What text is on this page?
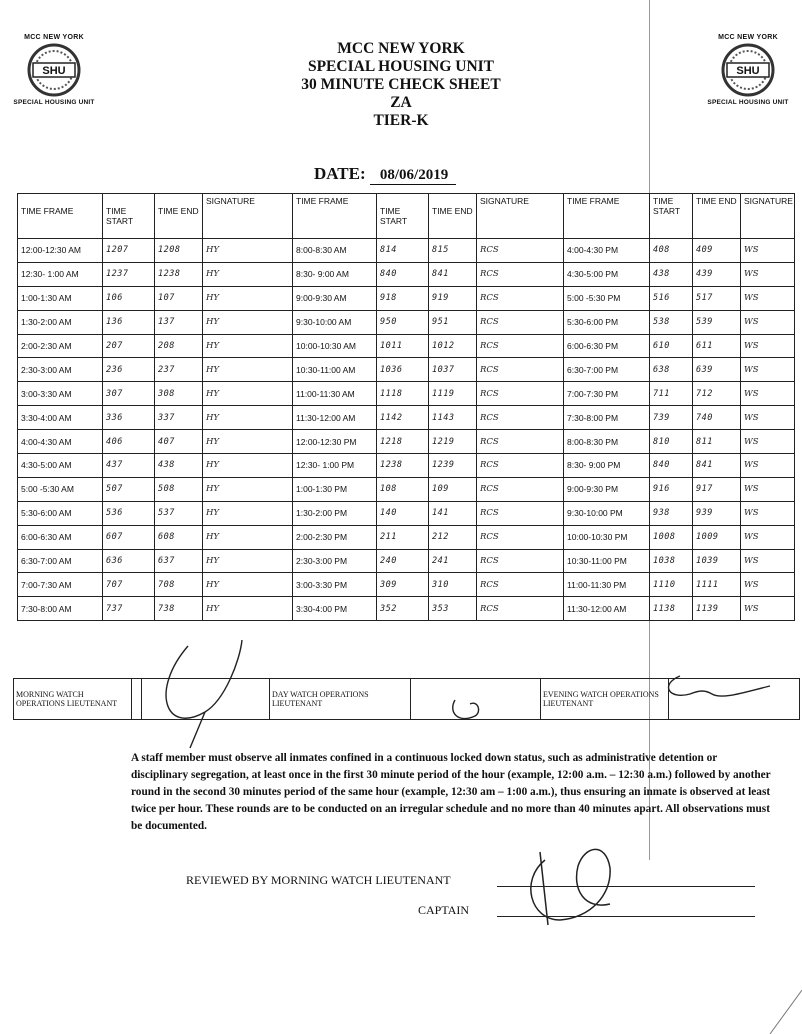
MCC NEW YORK
SHU
SPECIAL HOUSING UNIT
MCC NEW YORK
SHU
SPECIAL HOUSING UNIT
MCC NEW YORK
SPECIAL HOUSING UNIT
30 MINUTE CHECK SHEET
ZA
TIER-K
DATE: 08/06/2019
TIME FRAME	TIME START	TIME END	SIGNATURE	TIME FRAME	TIME START	TIME END	SIGNATURE	TIME FRAME	TIME START	TIME END	SIGNATURE
12:00-12:30 AM	1207	1208	HY	8:00-8:30 AM	814	815	RCS	4:00-4:30 PM	408	409	WS
12:30- 1:00 AM	1237	1238	HY	8:30- 9:00 AM	840	841	RCS	4:30-5:00 PM	438	439	WS
1:00-1:30 AM	106	107	HY	9:00-9:30 AM	918	919	RCS	5:00 -5:30 PM	516	517	WS
1:30-2:00 AM	136	137	HY	9:30-10:00 AM	950	951	RCS	5:30-6:00 PM	538	539	WS
2:00-2:30 AM	207	208	HY	10:00-10:30 AM	1011	1012	RCS	6:00-6:30 PM	610	611	WS
2:30-3:00 AM	236	237	HY	10:30-11:00 AM	1036	1037	RCS	6:30-7:00 PM	638	639	WS
3:00-3:30 AM	307	308	HY	11:00-11:30 AM	1118	1119	RCS	7:00-7:30 PM	711	712	WS
3:30-4:00 AM	336	337	HY	11:30-12:00 AM	1142	1143	RCS	7:30-8:00 PM	739	740	WS
4:00-4:30 AM	406	407	HY	12:00-12:30 PM	1218	1219	RCS	8:00-8:30 PM	810	811	WS
4:30-5:00 AM	437	438	HY	12:30- 1:00 PM	1238	1239	RCS	8:30- 9:00 PM	840	841	WS
5:00 -5:30 AM	507	508	HY	1:00-1:30 PM	108	109	RCS	9:00-9:30 PM	916	917	WS
5:30-6:00 AM	536	537	HY	1:30-2:00 PM	140	141	RCS	9:30-10:00 PM	938	939	WS
6:00-6:30 AM	607	608	HY	2:00-2:30 PM	211	212	RCS	10:00-10:30 PM	1008	1009	WS
6:30-7:00 AM	636	637	HY	2:30-3:00 PM	240	241	RCS	10:30-11:00 PM	1038	1039	WS
7:00-7:30 AM	707	708	HY	3:00-3:30 PM	309	310	RCS	11:00-11:30 PM	1110	1111	WS
7:30-8:00 AM	737	738	HY	3:30-4:00 PM	352	353	RCS	11:30-12:00 AM	1138	1139	WS
MORNING WATCH OPERATIONS LIEUTENANT			DAY WATCH OPERATIONS LIEUTENANT		EVENING WATCH OPERATIONS LIEUTENANT	
A staff member must observe all inmates confined in a continuous locked down status, such as administrative detention or disciplinary segregation, at least once in the first 30 minute period of the hour (example, 12:00 a.m. – 12:30 a.m.) followed by another round in the second 30 minutes period of the same hour (example, 12:30 am – 1:00 a.m.), thus ensuring an inmate is observed at least twice per hour. These rounds are to be conducted on an irregular schedule and no more than 40 minutes apart. All observations must be documented.
REVIEWED BY MORNING WATCH LIEUTENANT
CAPTAIN
